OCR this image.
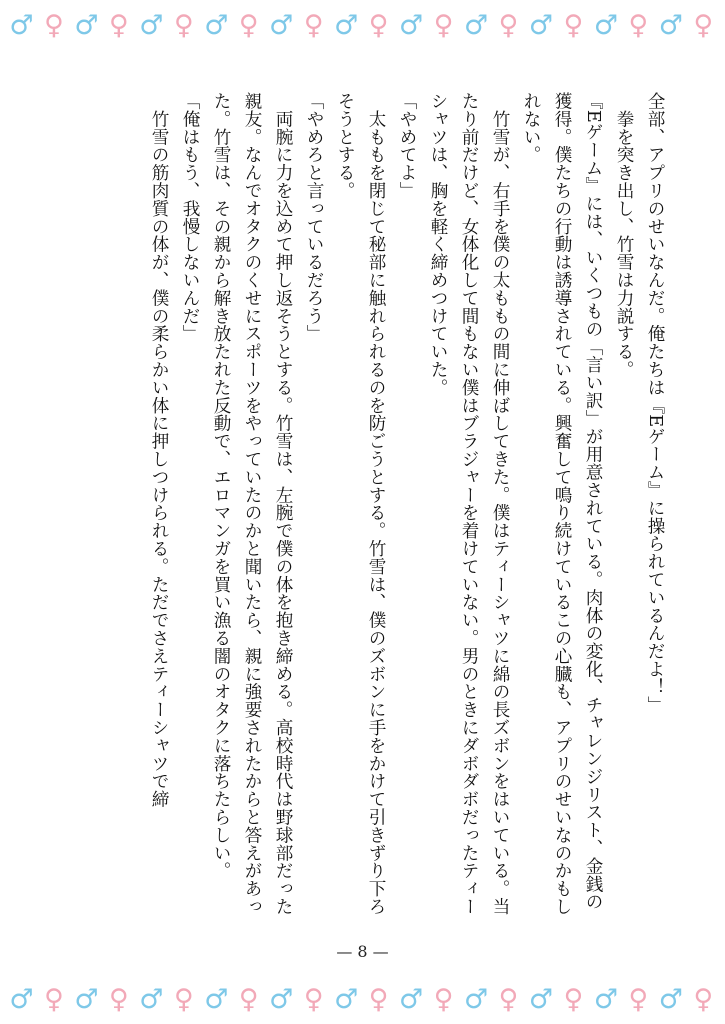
♂ ♀ ♂ ♀ ♂ ♀ ♂ ♀ ♂ ♀ ♂ ♀ ♂ ♀ ♂ ♀ ♂ ♀ ♂ ♀ ♂ ♀

全部、アプリのせいなんだ。俺たちは『Eゲーム』に操られているんだよ！」

　拳を突き出し、竹雪は力説する。

『Eゲーム』には、いくつもの「言い訳」が用意されている。肉体の変化、チャレンジリスト、金銭の獲得。僕たちの行動は誘導されている。興奮して鳴り続けているこの心臓も、アプリのせいなのかもしれない。

　竹雪が、右手を僕の太ももの間に伸ばしてきた。僕はティーシャツに綿の長ズボンをはいている。当たり前だけど、女体化して間もない僕はブラジャーを着けていない。男のときにダボダボだったティーシャツは、胸を軽く締めつけていた。

「やめてよ」

　太ももを閉じて秘部に触れられるのを防ごうとする。竹雪は、僕のズボンに手をかけて引きずり下ろそうとする。

「やめろと言っているだろう」

　両腕に力を込めて押し返そうとする。竹雪は、左腕で僕の体を抱き締める。高校時代は野球部だった親友。なんでオタクのくせにスポーツをやっていたのかと聞いたら、親に強要されたからと答えがあった。竹雪は、その親から解き放たれた反動で、エロマンガを買い漁る闇のオタクに落ちたらしい。

「俺はもう、我慢しないんだ」

　竹雪の筋肉質の体が、僕の柔らかい体に押しつけられる。ただでさえティーシャツで締

— 8 —
♂ ♀ ♂ ♀ ♂ ♀ ♂ ♀ ♂ ♀ ♂ ♀ ♂ ♀ ♂ ♀ ♂ ♀ ♂ ♀ ♂ ♀
